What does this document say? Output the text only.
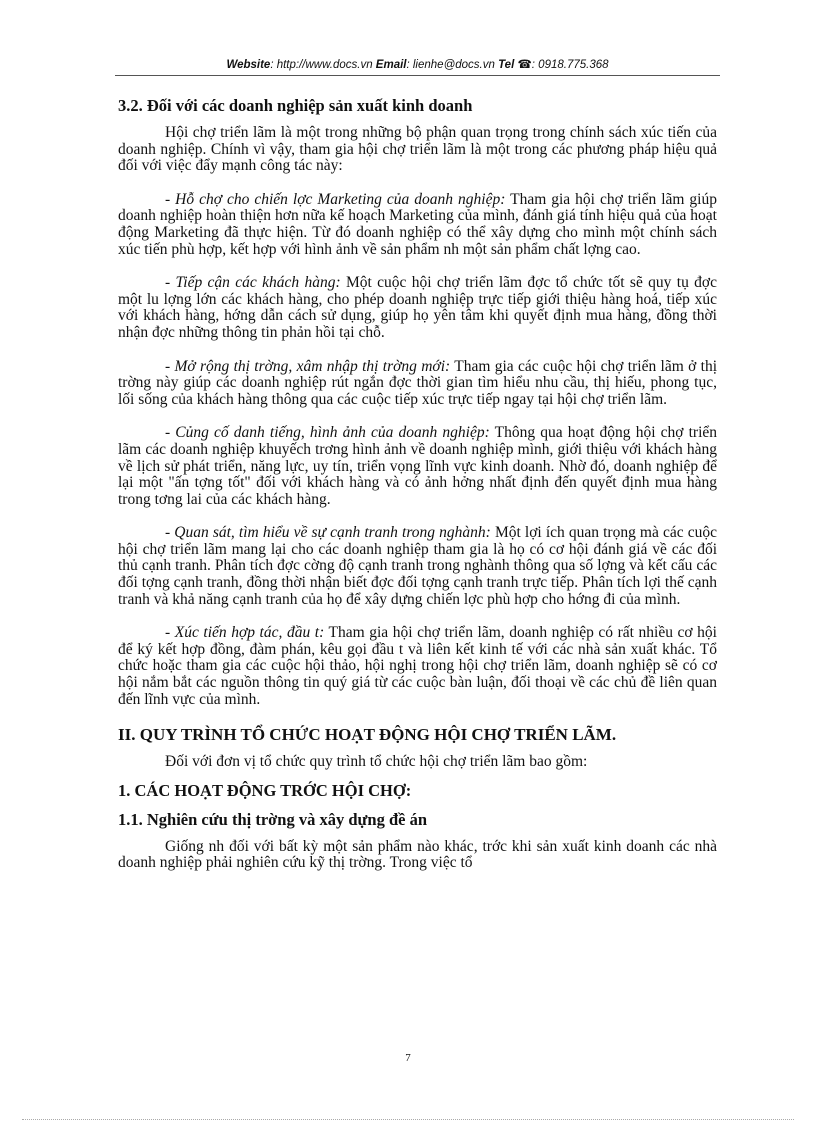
Website: http://www.docs.vn Email: lienhe@docs.vn Tel ☎: 0918.775.368
3.2. Đối với các doanh nghiệp sản xuất kinh doanh

Hội chợ triển lãm là một trong những bộ phận quan trọng trong chính sách xúc tiến của doanh nghiệp. Chính vì vậy, tham gia hội chợ triển lãm là một trong các phương pháp hiệu quả đối với việc đẩy mạnh công tác này:

- Hỗ chợ cho chiến lợc Marketing của doanh nghiệp: Tham gia hội chợ triển lãm giúp doanh nghiệp hoàn thiện hơn nữa kế hoạch Marketing của mình, đánh giá tính hiệu quả của hoạt động Marketing đã thực hiện. Từ đó doanh nghiệp có thể xây dựng cho mình một chính sách xúc tiến phù hợp, kết hợp với hình ảnh về sản phẩm nh một sản phẩm chất lợng cao.

- Tiếp cận các khách hàng: Một cuộc hội chợ triển lãm đợc tổ chức tốt sẽ quy tụ đợc một lu lợng lớn các khách hàng, cho phép doanh nghiệp trực tiếp giới thiệu hàng hoá, tiếp xúc với khách hàng, hớng dẫn cách sử dụng, giúp họ yên tâm khi quyết định mua hàng, đồng thời nhận đợc những thông tin phản hồi tại chỗ.

- Mở rộng thị trờng, xâm nhập thị trờng mới: Tham gia các cuộc hội chợ triển lãm ở thị trờng này giúp các doanh nghiệp rút ngắn đợc thời gian tìm hiểu nhu cầu, thị hiếu, phong tục, lối sống của khách hàng thông qua các cuộc tiếp xúc trực tiếp ngay tại hội chợ triển lãm.

- Củng cố danh tiếng, hình ảnh của doanh nghiệp: Thông qua hoạt động hội chợ triển lãm các doanh nghiệp khuyếch trơng hình ảnh về doanh nghiệp mình, giới thiệu với khách hàng về lịch sử phát triển, năng lực, uy tín, triển vọng lĩnh vực kinh doanh. Nhờ đó, doanh nghiệp để lại một "ấn tợng tốt" đối với khách hàng và có ảnh hởng nhất định đến quyết định mua hàng trong tơng lai của các khách hàng.

- Quan sát, tìm hiểu về sự cạnh tranh trong nghành: Một lợi ích quan trọng mà các cuộc hội chợ triển lãm mang lại cho các doanh nghiệp tham gia là họ có cơ hội đánh giá về các đối thủ cạnh tranh. Phân tích đợc cờng độ cạnh tranh trong nghành thông qua số lợng và kết cấu các đối tợng cạnh tranh, đồng thời nhận biết đợc đối tợng cạnh tranh trực tiếp. Phân tích lợi thế cạnh tranh và khả năng cạnh tranh của họ để xây dựng chiến lợc phù hợp cho hớng đi của mình.

- Xúc tiến hợp tác, đầu t: Tham gia hội chợ triển lãm, doanh nghiệp có rất nhiều cơ hội để ký kết hợp đồng, đàm phán, kêu gọi đầu t và liên kết kinh tế với các nhà sản xuất khác. Tổ chức hoặc tham gia các cuộc hội thảo, hội nghị trong hội chợ triển lãm, doanh nghiệp sẽ có cơ hội nắm bắt các nguồn thông tin quý giá từ các cuộc bàn luận, đối thoại về các chủ đề liên quan đến lĩnh vực của mình.

II. QUY TRÌNH TỔ CHỨC HOẠT ĐỘNG HỘI CHỢ TRIỂN LÃM.

Đối với đơn vị tổ chức quy trình tổ chức hội chợ triển lãm bao gồm:

1. CÁC HOẠT ĐỘNG TRỚC HỘI CHỢ:
1.1. Nghiên cứu thị trờng và xây dựng đề án

Giống nh đối với bất kỳ một sản phẩm nào khác, trớc khi sản xuất kinh doanh các nhà doanh nghiệp phải nghiên cứu kỹ thị trờng. Trong việc tổ

7
